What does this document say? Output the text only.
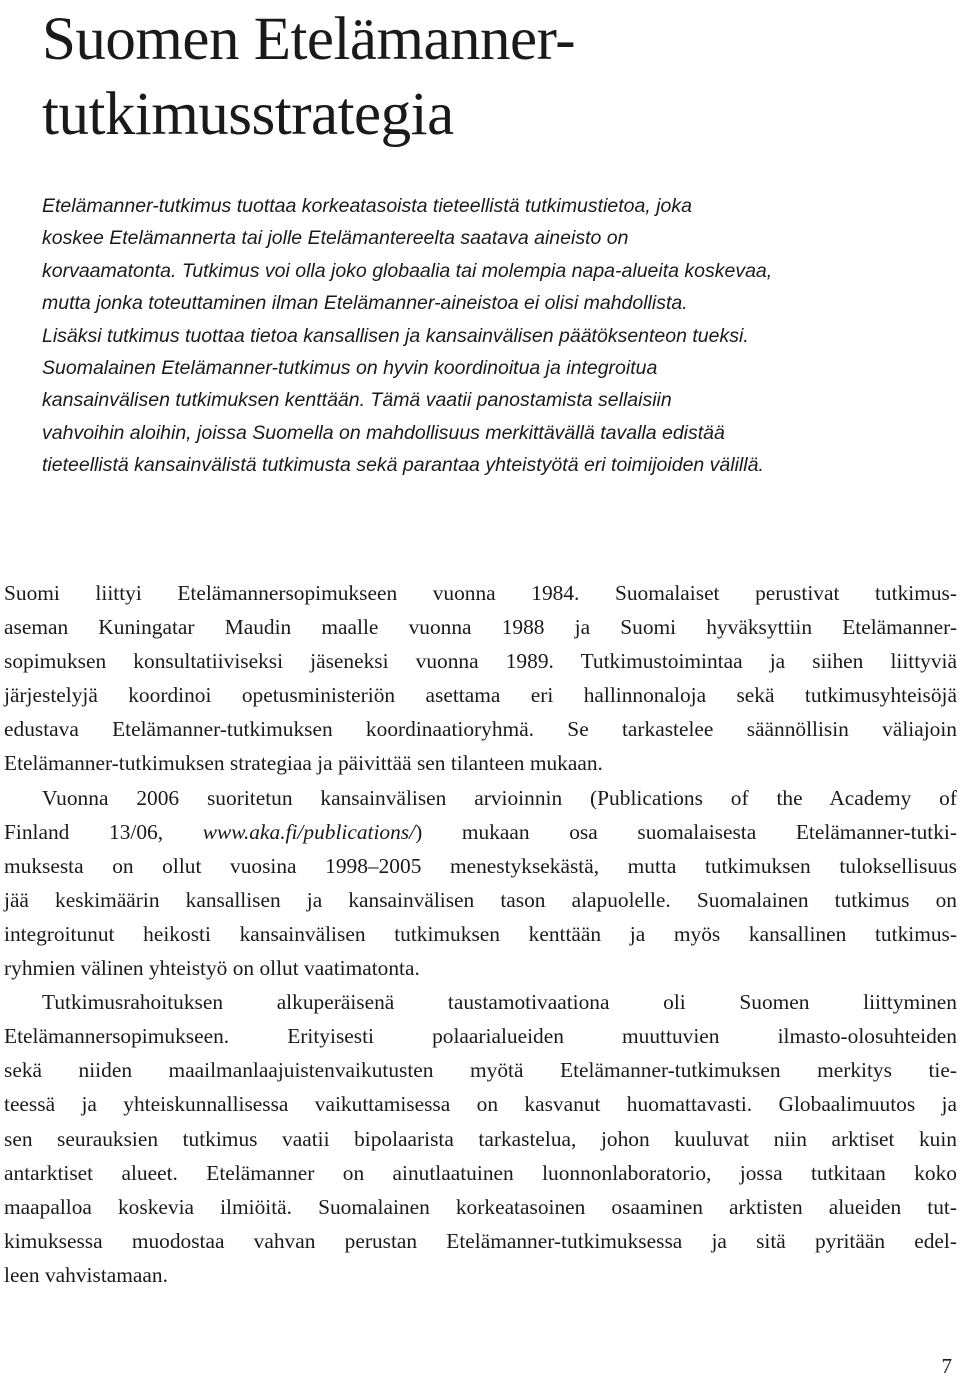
Suomen Etelämanner-
tutkimusstrategia
Etelämanner-tutkimus tuottaa korkeatasoista tieteellistä tutkimustietoa, joka
koskee Etelämannerta tai jolle Etelämantereelta saatava aineisto on
korvaamatonta. Tutkimus voi olla joko globaalia tai molempia napa-alueita koskevaa,
mutta jonka toteuttaminen ilman Etelämanner-aineistoa ei olisi mahdollista.
Lisäksi tutkimus tuottaa tietoa kansallisen ja kansainvälisen päätöksenteon tueksi.
Suomalainen Etelämanner-tutkimus on hyvin koordinoitua ja integroitua
kansainvälisen tutkimuksen kenttään. Tämä vaatii panostamista sellaisiin
vahvoihin aloihin, joissa Suomella on mahdollisuus merkittävällä tavalla edistää
tieteellistä kansainvälistä tutkimusta sekä parantaa yhteistyötä eri toimijoiden välillä.

Suomi liittyi Etelämannersopimukseen vuonna 1984. Suomalaiset perustivat tutkimus-
aseman Kuningatar Maudin maalle vuonna 1988 ja Suomi hyväksyttiin Etelämanner-
sopimuksen konsultatiiviseksi jäseneksi vuonna 1989. Tutkimustoimintaa ja siihen liittyviä
järjestelyjä koordinoi opetusministeriön asettama eri hallinnonaloja sekä tutkimusyhteisöjä
edustava Etelämanner-tutkimuksen koordinaatioryhmä. Se tarkastelee säännöllisin väliajoin
Etelämanner-tutkimuksen strategiaa ja päivittää sen tilanteen mukaan.

Vuonna 2006 suoritetun kansainvälisen arvioinnin (Publications of the Academy of
Finland 13/06, www.aka.fi/publications/) mukaan osa suomalaisesta Etelämanner-tutki-
muksesta on ollut vuosina 1998–2005 menestyksekästä, mutta tutkimuksen tuloksellisuus
jää keskimäärin kansallisen ja kansainvälisen tason alapuolelle. Suomalainen tutkimus on
integroitunut heikosti kansainvälisen tutkimuksen kenttään ja myös kansallinen tutkimus-
ryhmien välinen yhteistyö on ollut vaatimatonta.

Tutkimusrahoituksen alkuperäisenä taustamotivaationa oli Suomen liittyminen
Etelämannersopimukseen. Erityisesti polaarialueiden muuttuvien ilmasto-olosuhteiden
sekä niiden maailmanlaajuistenvaikutusten myötä Etelämanner-tutkimuksen merkitys tie-
teessä ja yhteiskunnallisessa vaikuttamisessa on kasvanut huomattavasti. Globaalimuutos ja
sen seurauksien tutkimus vaatii bipolaarista tarkastelua, johon kuuluvat niin arktiset kuin
antarktiset alueet. Etelämanner on ainutlaatuinen luonnonlaboratorio, jossa tutkitaan koko
maapalloa koskevia ilmiöitä. Suomalainen korkeatasoinen osaaminen arktisten alueiden tut-
kimuksessa muodostaa vahvan perustan Etelämanner-tutkimuksessa ja sitä pyritään edel-
leen vahvistamaan.

7
